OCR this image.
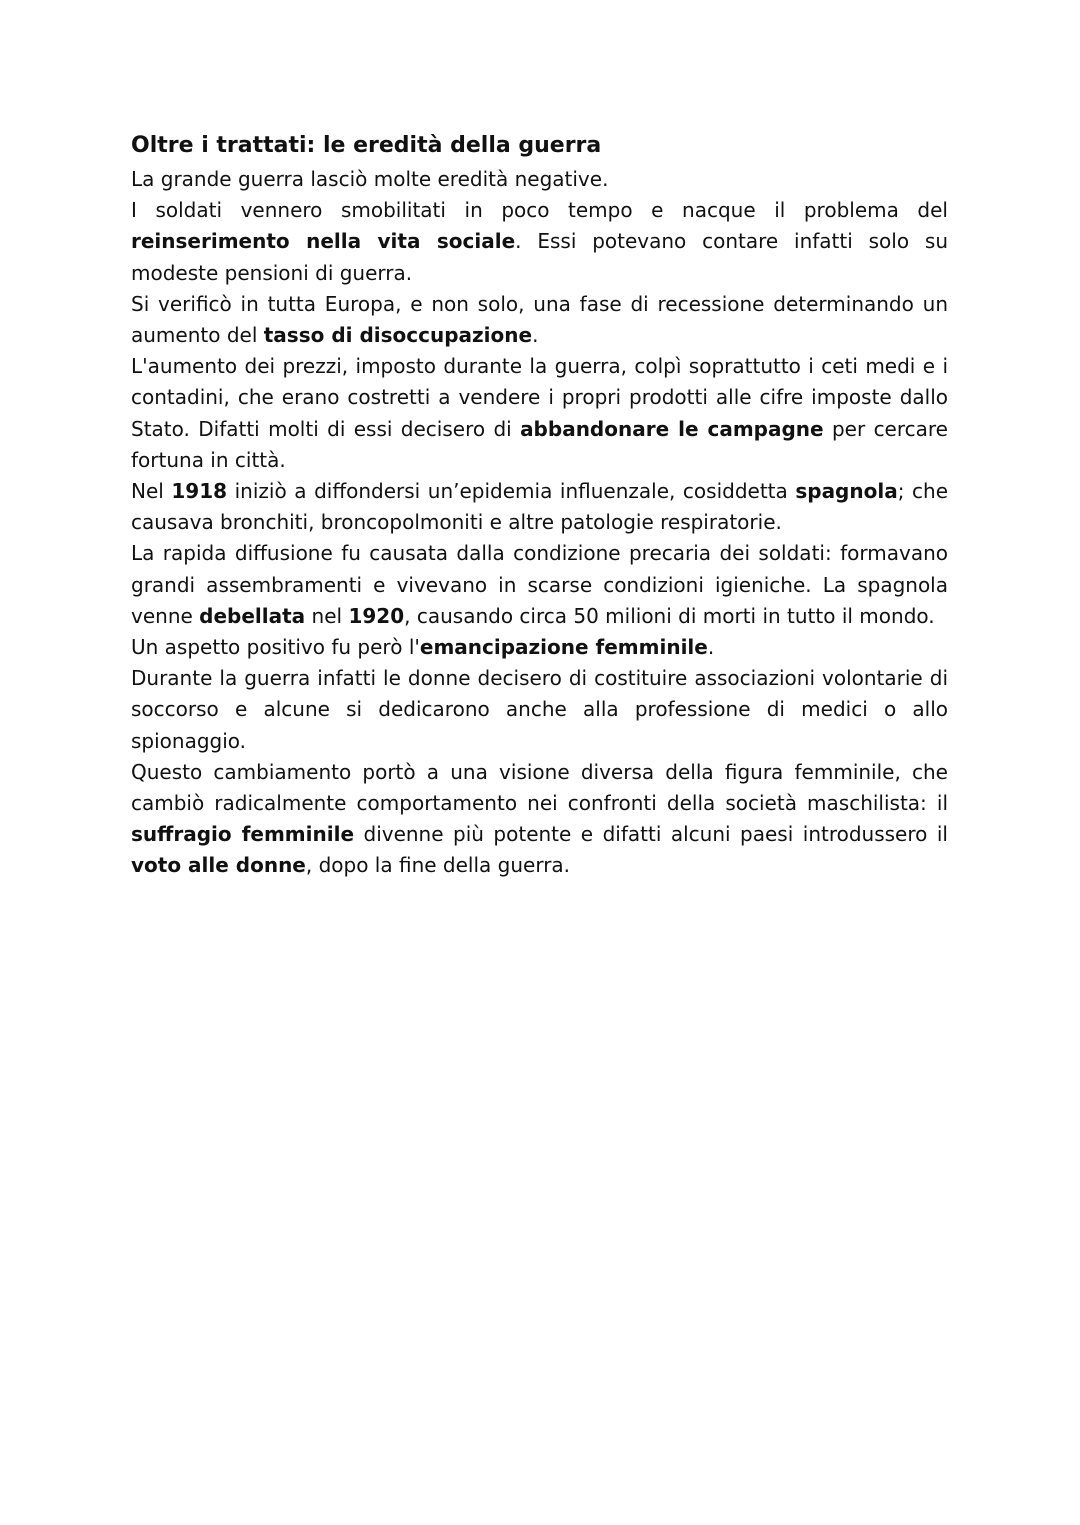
Oltre i trattati: le eredità della guerra

La grande guerra lasciò molte eredità negative.

I soldati vennero smobilitati in poco tempo e nacque il problema del reinserimento nella vita sociale. Essi potevano contare infatti solo su modeste pensioni di guerra.

Si verificò in tutta Europa, e non solo, una fase di recessione determinando un aumento del tasso di disoccupazione.

L'aumento dei prezzi, imposto durante la guerra, colpì soprattutto i ceti medi e i contadini, che erano costretti a vendere i propri prodotti alle cifre imposte dallo Stato. Difatti molti di essi decisero di abbandonare le campagne per cercare fortuna in città.

Nel 1918 iniziò a diffondersi un’epidemia influenzale, cosiddetta spagnola; che causava bronchiti, broncopolmoniti e altre patologie respiratorie.

La rapida diffusione fu causata dalla condizione precaria dei soldati: formavano grandi assembramenti e vivevano in scarse condizioni igieniche. La spagnola venne debellata nel 1920, causando circa 50 milioni di morti in tutto il mondo.

Un aspetto positivo fu però l'emancipazione femminile.

Durante la guerra infatti le donne decisero di costituire associazioni volontarie di soccorso e alcune si dedicarono anche alla professione di medici o allo spionaggio.

Questo cambiamento portò a una visione diversa della figura femminile, che cambiò radicalmente comportamento nei confronti della società maschilista: il suffragio femminile divenne più potente e difatti alcuni paesi introdussero il voto alle donne, dopo la fine della guerra.
